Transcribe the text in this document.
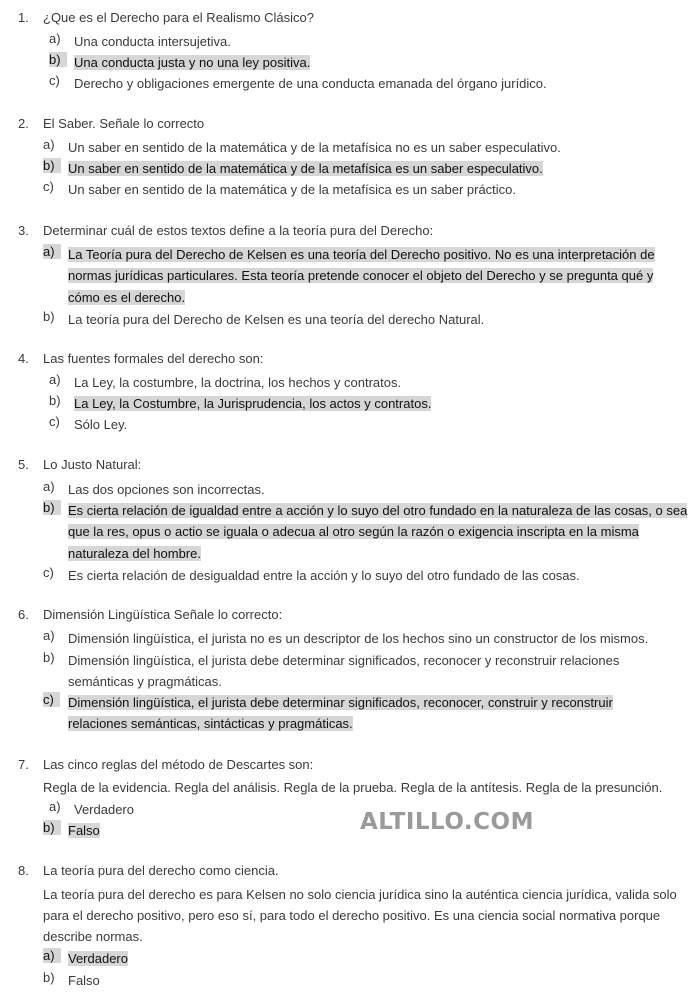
1. ¿Que es el Derecho para el Realismo Clásico?
a) Una conducta intersujetiva.
b)	Una conducta justa y no una ley positiva.
c) Derecho y obligaciones emergente de una conducta emanada del órgano jurídico.
2. El Saber. Señale lo correcto
a) Un saber en sentido de la matemática y de la metafísica no es un saber especulativo.
b)	Un saber en sentido de la matemática y de la metafísica es un saber especulativo.
c) Un saber en sentido de la matemática y de la metafísica es un saber práctico.
3. Determinar cuál de estos textos define a la teoría pura del Derecho:
a)	La Teoría pura del Derecho de Kelsen es una teoría del Derecho positivo. No es una interpretación de normas jurídicas particulares. Esta teoría pretende conocer el objeto del Derecho y se pregunta qué y cómo es el derecho.
b) La teoría pura del Derecho de Kelsen es una teoría del derecho Natural.
4. Las fuentes formales del derecho son:
a) La Ley, la costumbre, la doctrina, los hechos y contratos.
b) La Ley, la Costumbre, la Jurisprudencia, los actos y contratos.
c) Sólo Ley.
5. Lo Justo Natural:
a) Las dos opciones son incorrectas.
b)	Es cierta relación de igualdad entre a acción y lo suyo del otro fundado en la naturaleza de las cosas, o sea que la res, opus o actio se iguala o adecua al otro según la razón o exigencia inscripta en la misma naturaleza del hombre.
c) Es cierta relación de desigualdad entre la acción y lo suyo del otro fundado de las cosas.
6. Dimensión Lingüística Señale lo correcto:
a) Dimensión lingüística, el jurista no es un descriptor de los hechos sino un constructor de los mismos.
b) Dimensión lingüística, el jurista debe determinar significados, reconocer y reconstruir relaciones semánticas y pragmáticas.
c)	Dimensión lingüística, el jurista debe determinar significados, reconocer, construir y reconstruir relaciones semánticas, sintácticas y pragmáticas.
7. Las cinco reglas del método de Descartes son:
Regla de la evidencia. Regla del análisis. Regla de la prueba. Regla de la antítesis. Regla de la presunción.
a) Verdadero
b)	Falso	ALTILLO.COM
8. La teoría pura del derecho como ciencia.
La teoría pura del derecho es para Kelsen no solo ciencia jurídica sino la auténtica ciencia jurídica, valida solo para el derecho positivo, pero eso sí, para todo el derecho positivo. Es una ciencia social normativa porque describe normas.
a)	Verdadero
b) Falso
